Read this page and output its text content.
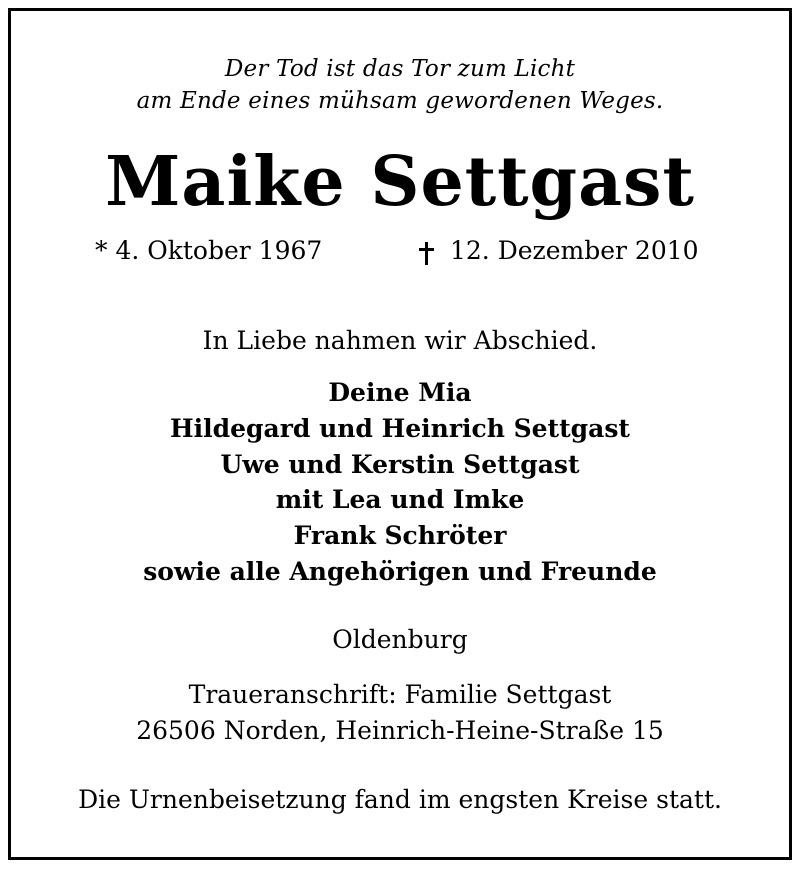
Der Tod ist das Tor zum Licht
am Ende eines mühsam gewordenen Weges.
Maike Settgast
* 4. Oktober 1967	12. Dezember 2010
In Liebe nahmen wir Abschied.
Deine Mia
Hildegard und Heinrich Settgast
Uwe und Kerstin Settgast
mit Lea und Imke
Frank Schröter
sowie alle Angehörigen und Freunde
Oldenburg
Traueranschrift: Familie Settgast
26506 Norden, Heinrich-Heine-Straße 15
Die Urnenbeisetzung fand im engsten Kreise statt.
